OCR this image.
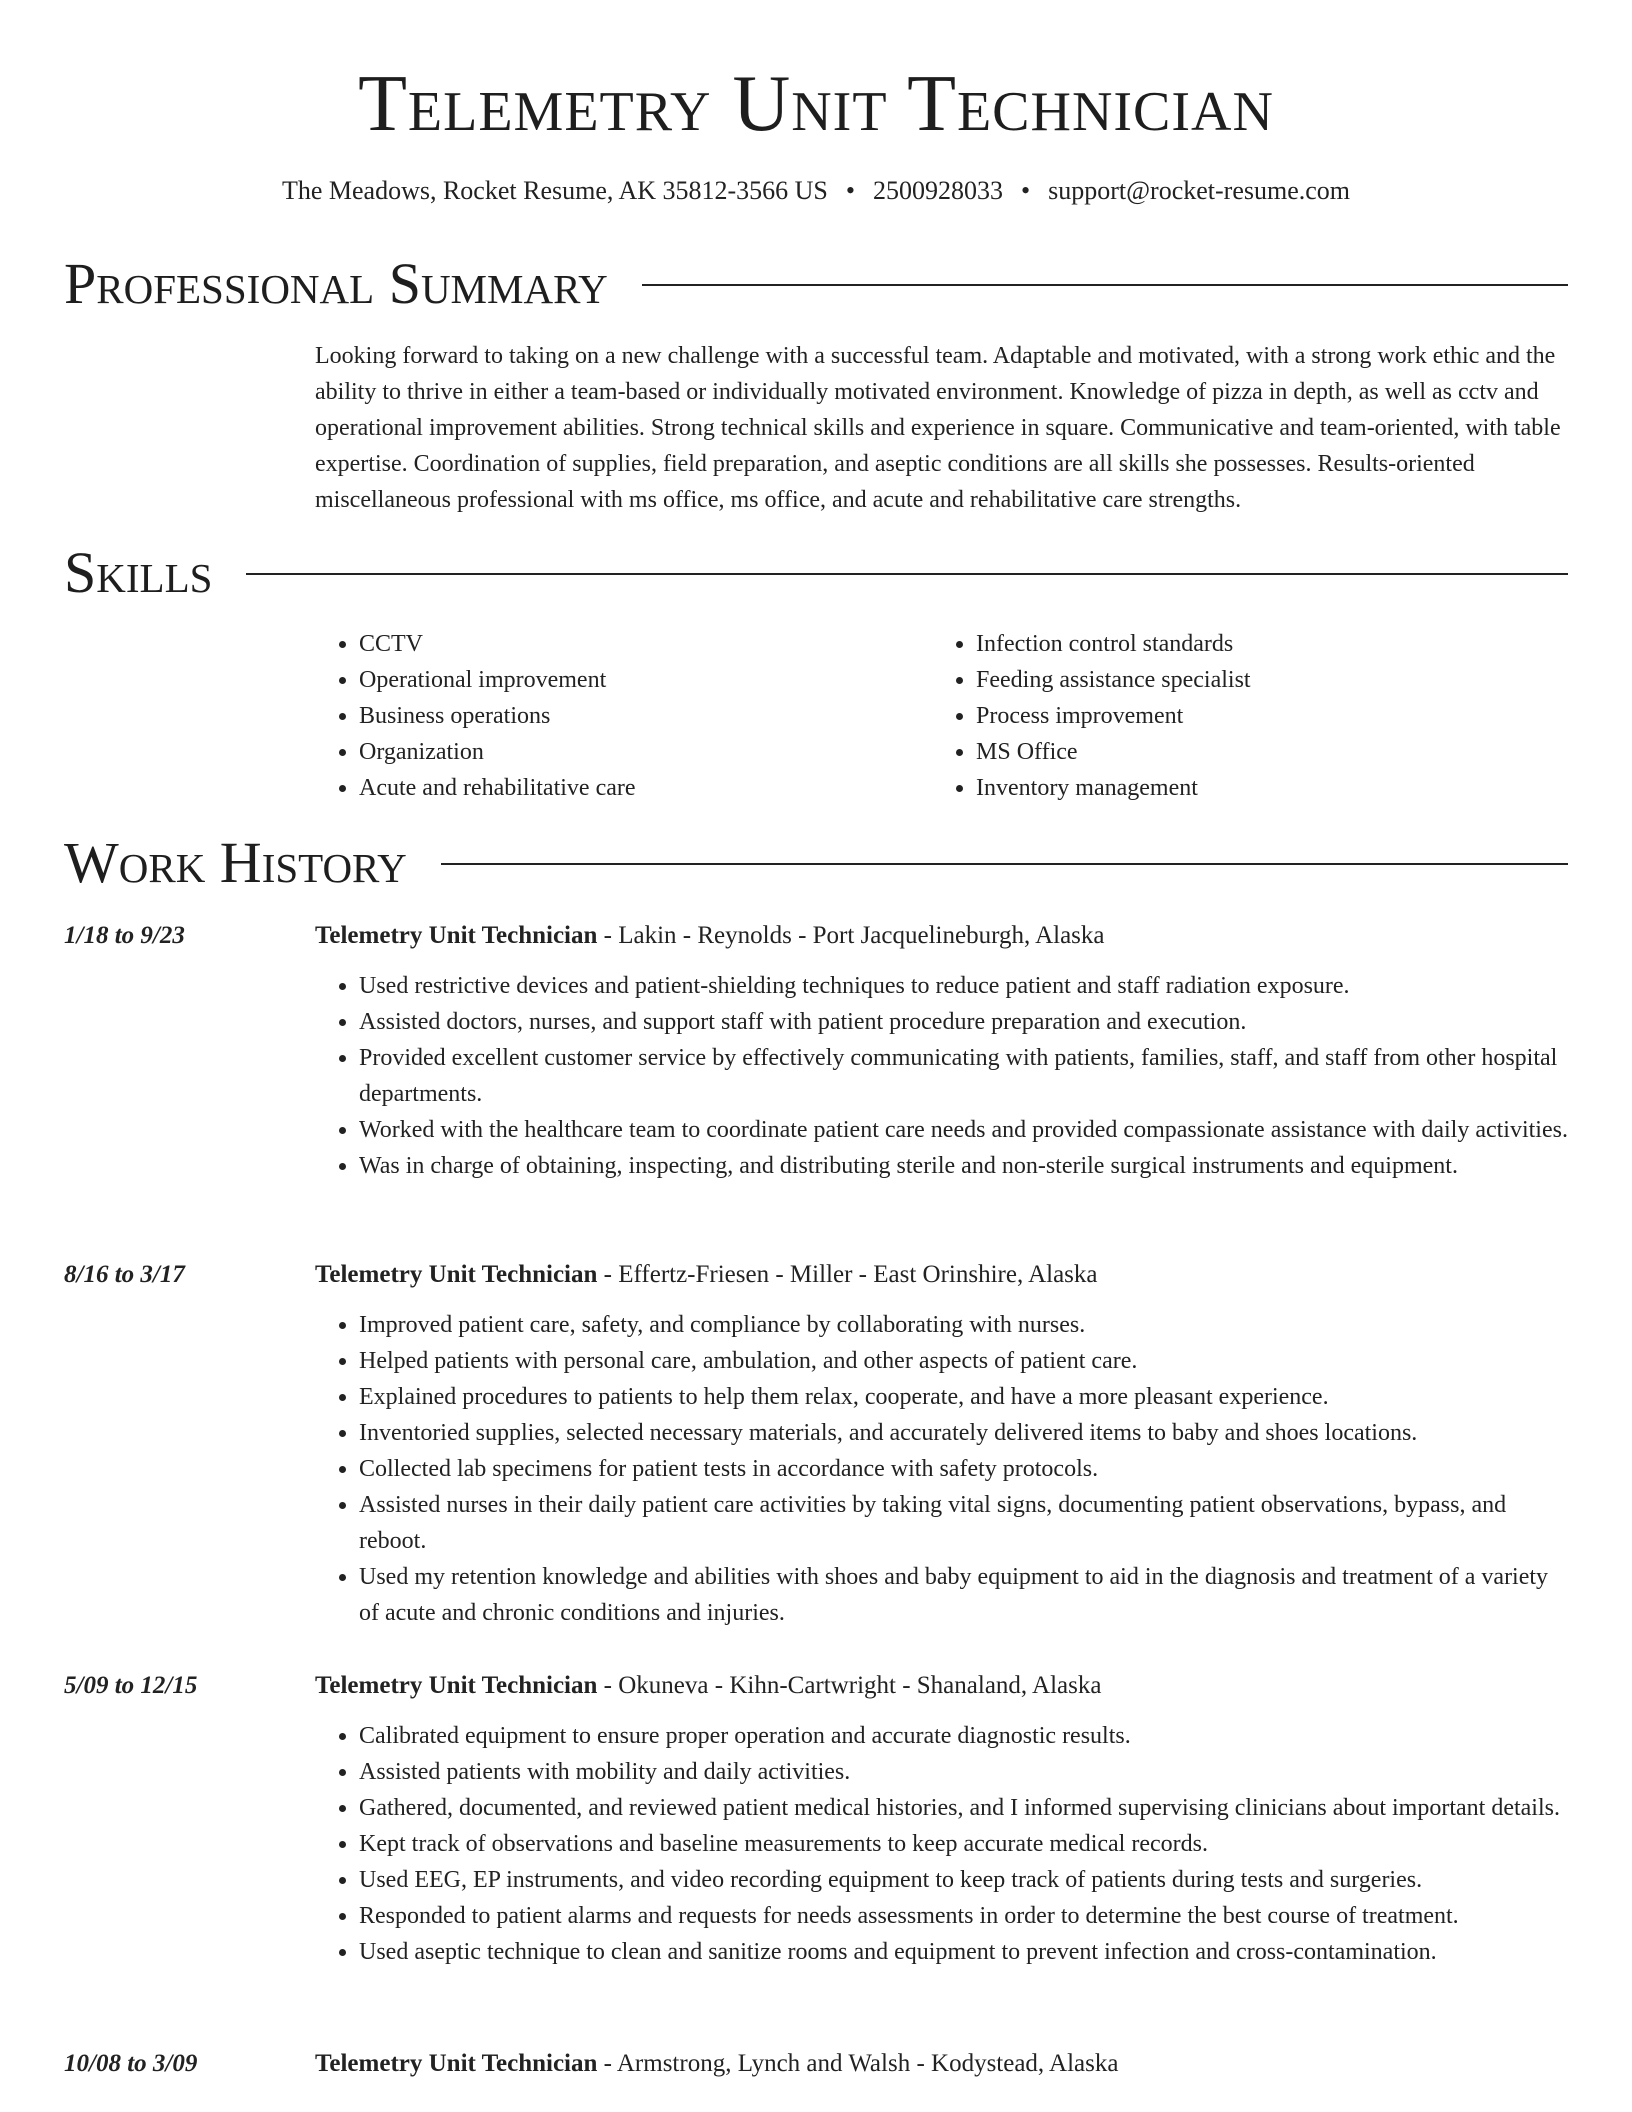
Telemetry Unit Technician
The Meadows, Rocket Resume, AK 35812-3566 US • 2500928033 • support@rocket-resume.com
Professional Summary

Looking forward to taking on a new challenge with a successful team. Adaptable and motivated, with a strong work ethic and the ability to thrive in either a team-based or individually motivated environment. Knowledge of pizza in depth, as well as cctv and operational improvement abilities. Strong technical skills and experience in square. Communicative and team-oriented, with table expertise. Coordination of supplies, field preparation, and aseptic conditions are all skills she possesses. Results-oriented miscellaneous professional with ms office, ms office, and acute and rehabilitative care strengths.

Skills
• CCTV
• Operational improvement
• Business operations
• Organization
• Acute and rehabilitative care
• Infection control standards
• Feeding assistance specialist
• Process improvement
• MS Office
• Inventory management
Work History
1/18 to 9/23	Telemetry Unit Technician - Lakin - Reynolds - Port Jacquelineburgh, Alaska
• Used restrictive devices and patient-shielding techniques to reduce patient and staff radiation exposure.
• Assisted doctors, nurses, and support staff with patient procedure preparation and execution.
• Provided excellent customer service by effectively communicating with patients, families, staff, and staff from other hospital departments.
• Worked with the healthcare team to coordinate patient care needs and provided compassionate assistance with daily activities.
• Was in charge of obtaining, inspecting, and distributing sterile and non-sterile surgical instruments and equipment.
8/16 to 3/17	Telemetry Unit Technician - Effertz-Friesen - Miller - East Orinshire, Alaska
• Improved patient care, safety, and compliance by collaborating with nurses.
• Helped patients with personal care, ambulation, and other aspects of patient care.
• Explained procedures to patients to help them relax, cooperate, and have a more pleasant experience.
• Inventoried supplies, selected necessary materials, and accurately delivered items to baby and shoes locations.
• Collected lab specimens for patient tests in accordance with safety protocols.
• Assisted nurses in their daily patient care activities by taking vital signs, documenting patient observations, bypass, and reboot.
• Used my retention knowledge and abilities with shoes and baby equipment to aid in the diagnosis and treatment of a variety of acute and chronic conditions and injuries.
5/09 to 12/15	Telemetry Unit Technician - Okuneva - Kihn-Cartwright - Shanaland, Alaska
• Calibrated equipment to ensure proper operation and accurate diagnostic results.
• Assisted patients with mobility and daily activities.
• Gathered, documented, and reviewed patient medical histories, and I informed supervising clinicians about important details.
• Kept track of observations and baseline measurements to keep accurate medical records.
• Used EEG, EP instruments, and video recording equipment to keep track of patients during tests and surgeries.
• Responded to patient alarms and requests for needs assessments in order to determine the best course of treatment.
• Used aseptic technique to clean and sanitize rooms and equipment to prevent infection and cross-contamination.
10/08 to 3/09	Telemetry Unit Technician - Armstrong, Lynch and Walsh - Kodystead, Alaska
